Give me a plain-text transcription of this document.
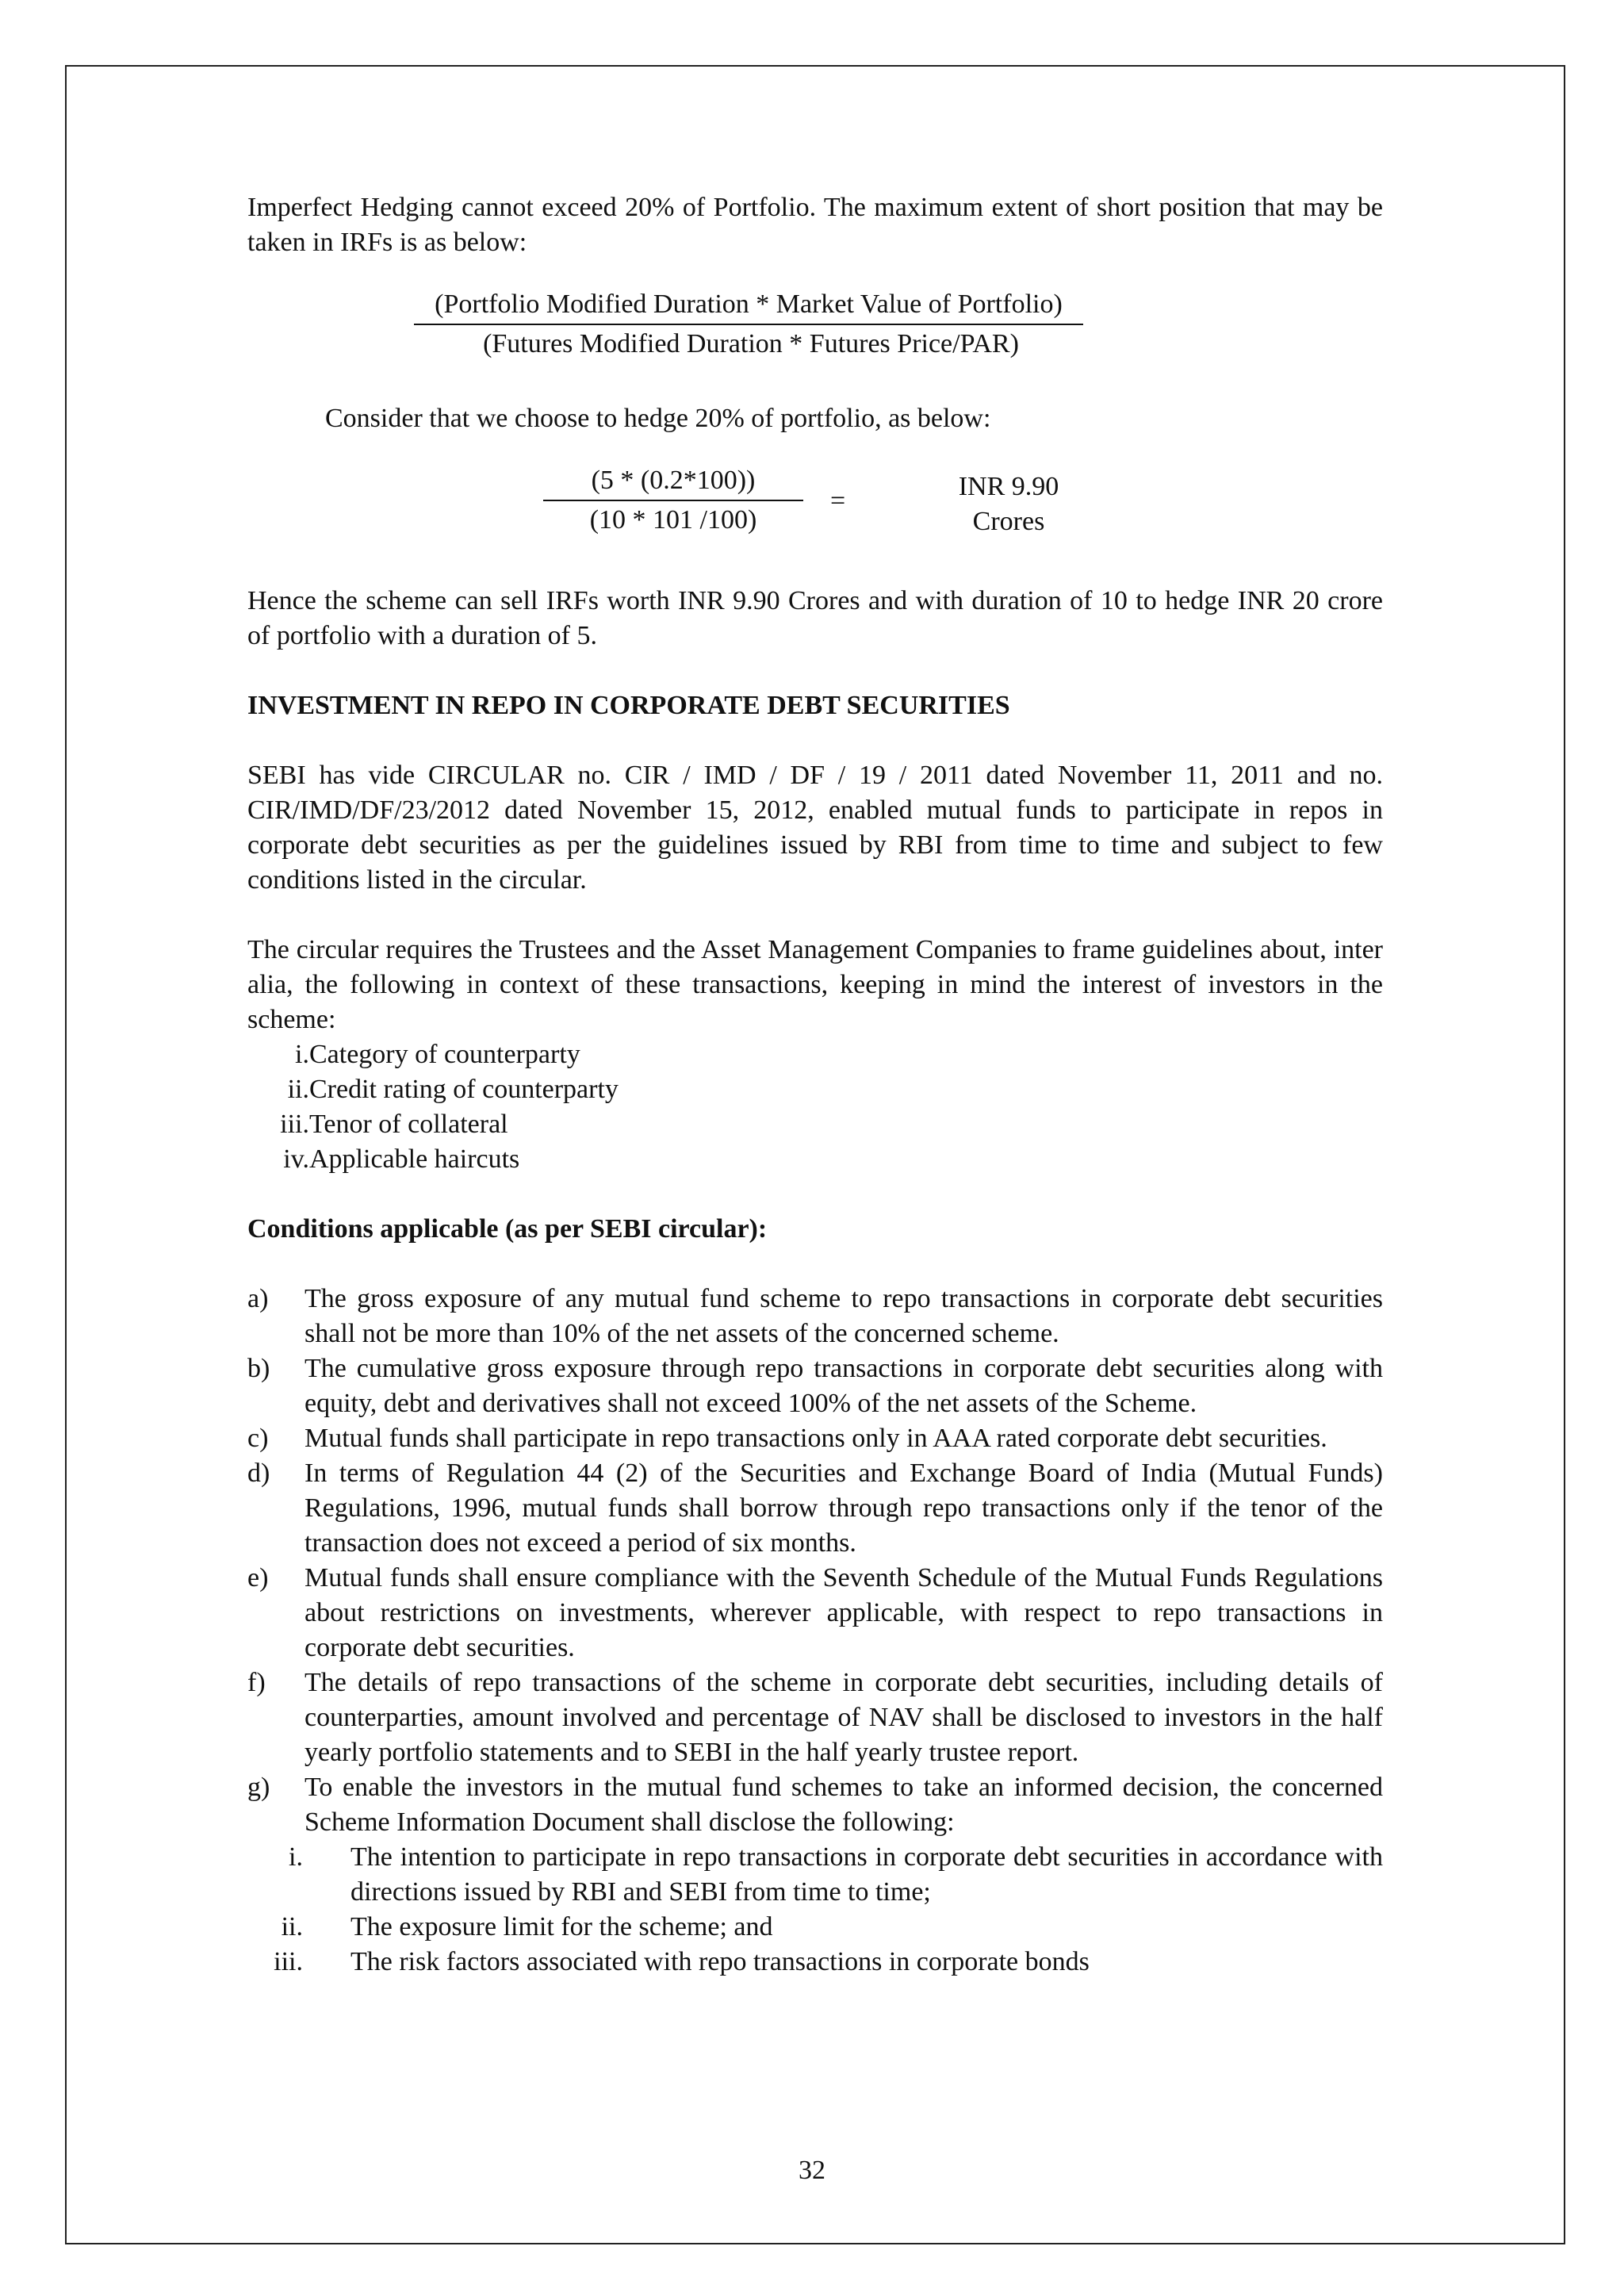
Imperfect Hedging cannot exceed 20% of Portfolio. The maximum extent of short position that may be taken in IRFs is as below:

(Portfolio Modified Duration * Market Value of Portfolio)
(Futures Modified Duration * Futures Price/PAR)

Consider that we choose to hedge 20% of portfolio, as below:

(5 * (0.2*100))
(10 * 101 /100)
=	INR 9.90
Crores

Hence the scheme can sell IRFs worth INR 9.90 Crores and with duration of 10 to hedge INR 20 crore of portfolio with a duration of 5.

INVESTMENT IN REPO IN CORPORATE DEBT SECURITIES

SEBI has vide CIRCULAR no. CIR / IMD / DF / 19 / 2011 dated November 11, 2011 and no. CIR/IMD/DF/23/2012 dated November 15, 2012, enabled mutual funds to participate in repos in corporate debt securities as per the guidelines issued by RBI from time to time and subject to few conditions listed in the circular.

The circular requires the Trustees and the Asset Management Companies to frame guidelines about, inter alia, the following in context of these transactions, keeping in mind the interest of investors in the scheme:

i. Category of counterparty
ii. Credit rating of counterparty
iii. Tenor of collateral
iv. Applicable haircuts

Conditions applicable (as per SEBI circular):

a)	The gross exposure of any mutual fund scheme to repo transactions in corporate debt securities shall not be more than 10% of the net assets of the concerned scheme.
b)	The cumulative gross exposure through repo transactions in corporate debt securities along with equity, debt and derivatives shall not exceed 100% of the net assets of the Scheme.
c)	Mutual funds shall participate in repo transactions only in AAA rated corporate debt securities.
d)	In terms of Regulation 44 (2) of the Securities and Exchange Board of India (Mutual Funds) Regulations, 1996, mutual funds shall borrow through repo transactions only if the tenor of the transaction does not exceed a period of six months.
e)	Mutual funds shall ensure compliance with the Seventh Schedule of the Mutual Funds Regulations about restrictions on investments, wherever applicable, with respect to repo transactions in corporate debt securities.
f)	The details of repo transactions of the scheme in corporate debt securities, including details of counterparties, amount involved and percentage of NAV shall be disclosed to investors in the half yearly portfolio statements and to SEBI in the half yearly trustee report.
g)	To enable the investors in the mutual fund schemes to take an informed decision, the concerned Scheme Information Document shall disclose the following:
i.	The intention to participate in repo transactions in corporate debt securities in accordance with directions issued by RBI and SEBI from time to time;
ii.	The exposure limit for the scheme; and
iii.	The risk factors associated with repo transactions in corporate bonds
32
